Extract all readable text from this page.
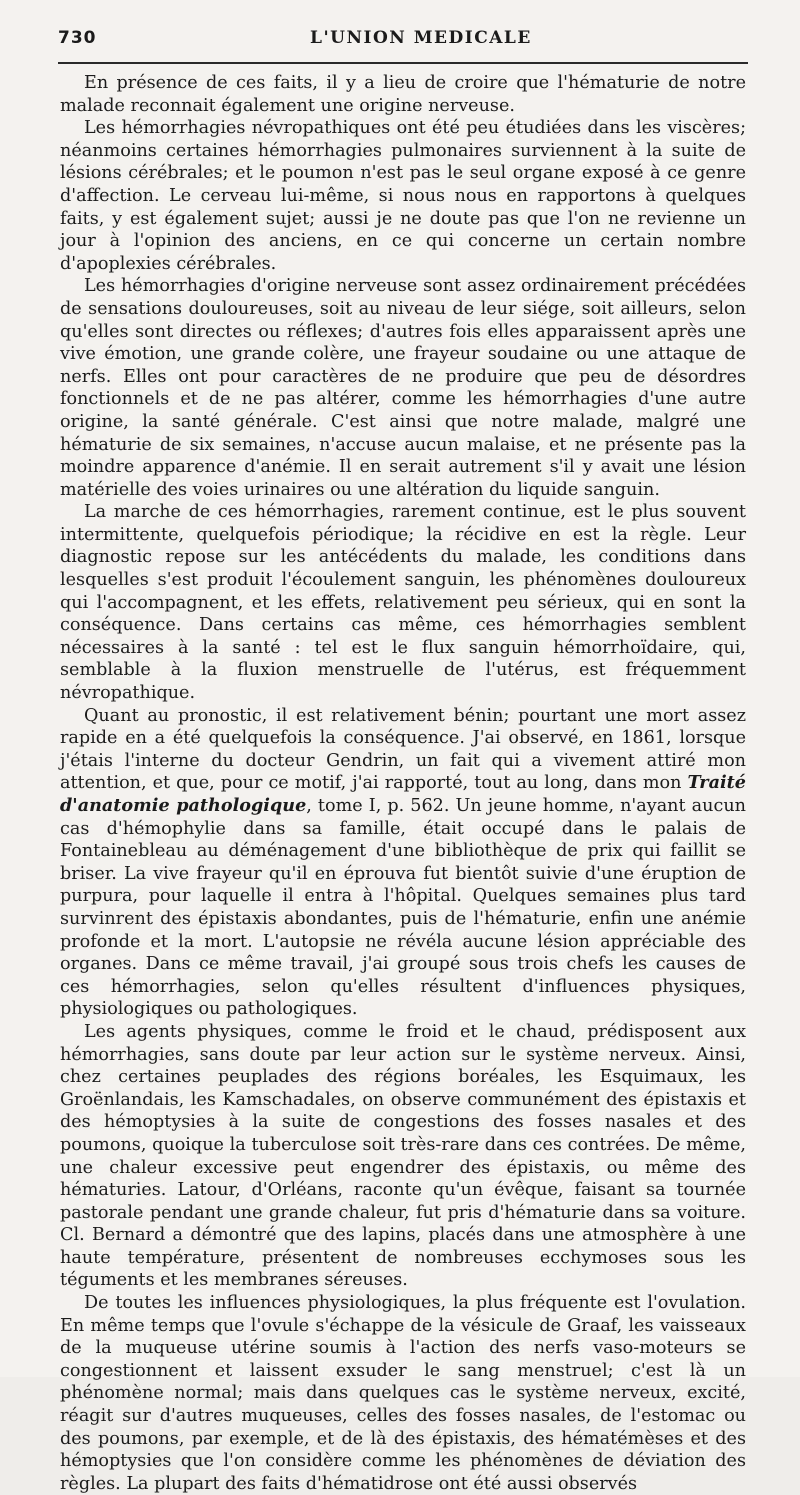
730	L'UNION MEDICALE

En présence de ces faits, il y a lieu de croire que l'hématurie de notre malade reconnait également une origine nerveuse.

Les hémorrhagies névropathiques ont été peu étudiées dans les viscères; néanmoins certaines hémorrhagies pulmonaires surviennent à la suite de lésions cérébrales; et le poumon n'est pas le seul organe exposé à ce genre d'affection. Le cerveau lui-même, si nous nous en rapportons à quelques faits, y est également sujet; aussi je ne doute pas que l'on ne revienne un jour à l'opinion des anciens, en ce qui concerne un certain nombre d'apoplexies cérébrales.

Les hémorrhagies d'origine nerveuse sont assez ordinairement précédées de sensations douloureuses, soit au niveau de leur siége, soit ailleurs, selon qu'elles sont directes ou réflexes; d'autres fois elles apparaissent après une vive émotion, une grande colère, une frayeur soudaine ou une attaque de nerfs. Elles ont pour caractères de ne produire que peu de désordres fonctionnels et de ne pas altérer, comme les hémorrhagies d'une autre origine, la santé générale. C'est ainsi que notre malade, malgré une hématurie de six semaines, n'accuse aucun malaise, et ne présente pas la moindre apparence d'anémie. Il en serait autrement s'il y avait une lésion matérielle des voies urinaires ou une altération du liquide sanguin.

La marche de ces hémorrhagies, rarement continue, est le plus souvent intermittente, quelquefois périodique; la récidive en est la règle. Leur diagnostic repose sur les antécédents du malade, les conditions dans lesquelles s'est produit l'écoulement sanguin, les phénomènes douloureux qui l'accompagnent, et les effets, relativement peu sérieux, qui en sont la conséquence. Dans certains cas même, ces hémorrhagies semblent nécessaires à la santé : tel est le flux sanguin hémorrhoïdaire, qui, semblable à la fluxion menstruelle de l'utérus, est fréquemment névropathique.

Quant au pronostic, il est relativement bénin; pourtant une mort assez rapide en a été quelquefois la conséquence. J'ai observé, en 1861, lorsque j'étais l'interne du docteur Gendrin, un fait qui a vivement attiré mon attention, et que, pour ce motif, j'ai rapporté, tout au long, dans mon Traité d'anatomie pathologique, tome I, p. 562. Un jeune homme, n'ayant aucun cas d'hémophylie dans sa famille, était occupé dans le palais de Fontainebleau au déménagement d'une bibliothèque de prix qui faillit se briser. La vive frayeur qu'il en éprouva fut bientôt suivie d'une éruption de purpura, pour laquelle il entra à l'hôpital. Quelques semaines plus tard survinrent des épistaxis abondantes, puis de l'hématurie, enfin une anémie profonde et la mort. L'autopsie ne révéla aucune lésion appréciable des organes. Dans ce même travail, j'ai groupé sous trois chefs les causes de ces hémorrhagies, selon qu'elles résultent d'influences physiques, physiologiques ou pathologiques.

Les agents physiques, comme le froid et le chaud, prédisposent aux hémorrhagies, sans doute par leur action sur le système nerveux. Ainsi, chez certaines peuplades des régions boréales, les Esquimaux, les Groënlandais, les Kamschadales, on observe communément des épistaxis et des hémoptysies à la suite de congestions des fosses nasales et des poumons, quoique la tuberculose soit très-rare dans ces contrées. De même, une chaleur excessive peut engendrer des épistaxis, ou même des hématuries. Latour, d'Orléans, raconte qu'un évêque, faisant sa tournée pastorale pendant une grande chaleur, fut pris d'hématurie dans sa voiture. Cl. Bernard a démontré que des lapins, placés dans une atmosphère à une haute température, présentent de nombreuses ecchymoses sous les téguments et les membranes séreuses.

De toutes les influences physiologiques, la plus fréquente est l'ovulation. En même temps que l'ovule s'échappe de la vésicule de Graaf, les vaisseaux de la muqueuse utérine soumis à l'action des nerfs vaso-moteurs se congestionnent et laissent exsuder le sang menstruel; c'est là un phénomène normal; mais dans quelques cas le système nerveux, excité, réagit sur d'autres muqueuses, celles des fosses nasales, de l'estomac ou des poumons, par exemple, et de là des épistaxis, des hématémèses et des hémoptysies que l'on considère comme les phénomènes de déviation des règles. La plupart des faits d'hématidrose ont été aussi observés
